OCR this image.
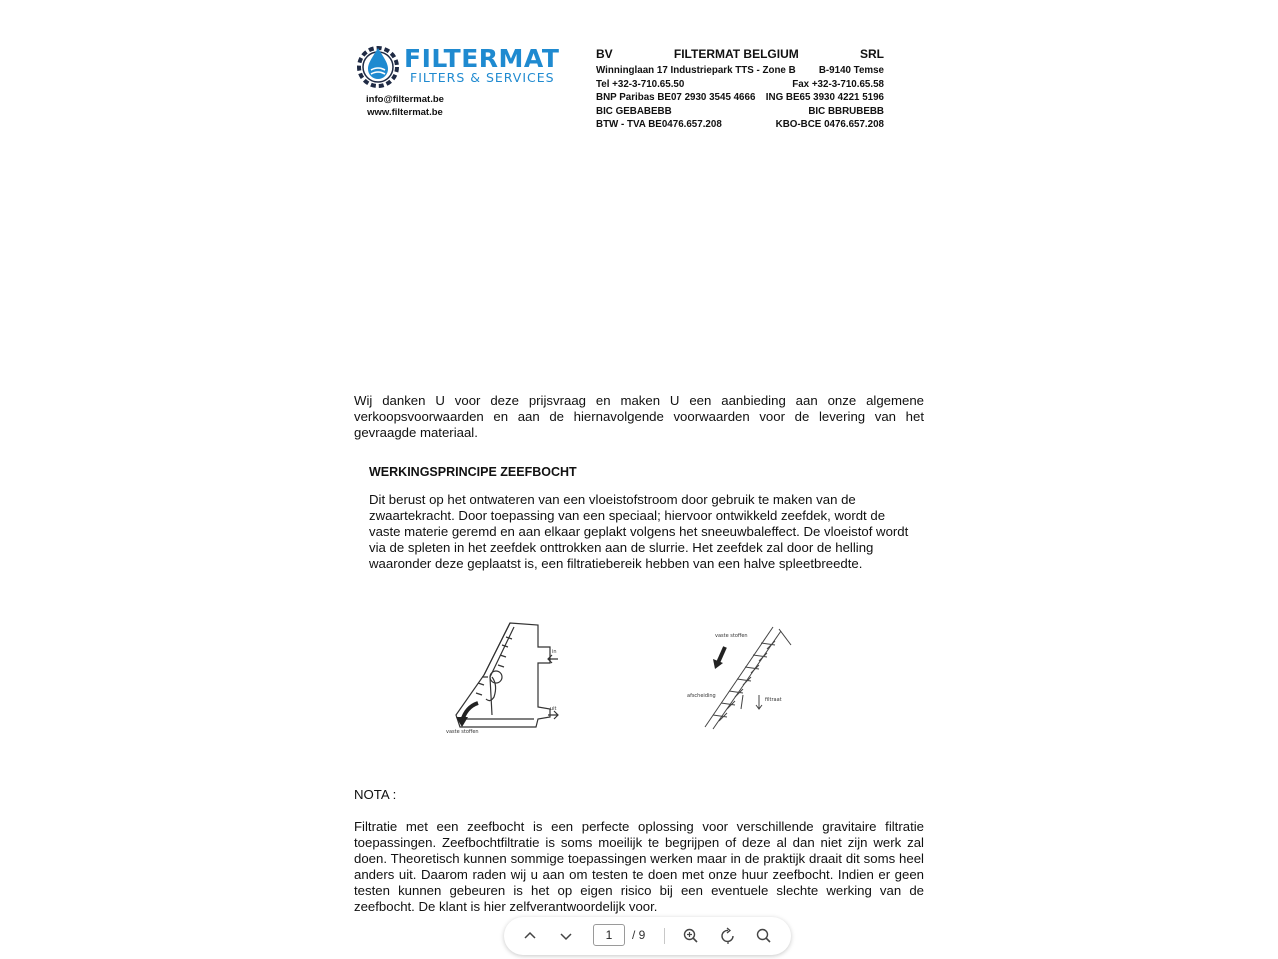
FILTERMAT
FILTERS & SERVICES
info@filtermat.be
www.filtermat.be
BV	FILTERMAT BELGIUM	SRL
Winninglaan 17 Industriepark TTS - Zone B B-9140 Temse
Tel +32-3-710.65.50	Fax +32-3-710.65.58
BNP Paribas BE07 2930 3545 4666 ING BE65 3930 4221 5196
BIC GEBABEBB	BIC BBRUBEBB
BTW - TVA BE0476.657.208	KBO-BCE 0476.657.208
Wij danken U voor deze prijsvraag en maken U een aanbieding aan onze algemene verkoopsvoorwaarden en aan de hiernavolgende voorwaarden voor de levering van het gevraagde materiaal.
WERKINGSPRINCIPE ZEEFBOCHT
Dit berust op het ontwateren van een vloeistofstroom door gebruik te maken van de zwaartekracht. Door toepassing van een speciaal; hiervoor ontwikkeld zeefdek, wordt de vaste materie geremd en aan elkaar geplakt volgens het sneeuwbaleffect. De vloeistof wordt via de spleten in het zeefdek onttrokken aan de slurrie. Het zeefdek zal door de helling waaronder deze geplaatst is, een filtratiebereik hebben van een halve spleetbreedte.
in
uit
vaste stoffen
vaste stoffen
afscheiding
filtraat
NOTA :
Filtratie met een zeefbocht is een perfecte oplossing voor verschillende gravitaire filtratie toepassingen. Zeefbochtfiltratie is soms moeilijk te begrijpen of deze al dan niet zijn werk zal doen. Theoretisch kunnen sommige toepassingen werken maar in de praktijk draait dit soms heel anders uit. Daarom raden wij u aan om testen te doen met onze huur zeefbocht. Indien er geen testen kunnen gebeuren is het op eigen risico bij een eventuele slechte werking van de zeefbocht. De klant is hier zelfverantwoordelijk voor.
1
/ 9
